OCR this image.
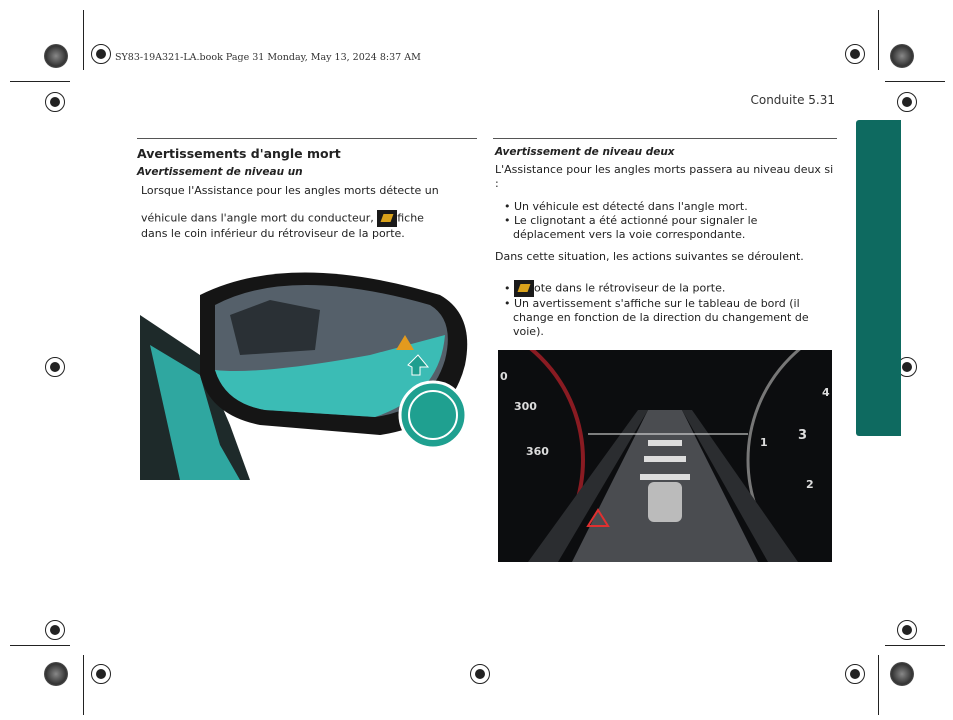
SY83-19A321-LA.book Page 31 Monday, May 13, 2024 8:37 AM
Conduite 5.31
Avertissements d'angle mort
Avertissement de niveau un
Lorsque l'Assistance pour les angles morts détecte un
véhicule dans l'angle mort du conducteur, fiche
dans le coin inférieur du rétroviseur de la porte.
Avertissement de niveau deux
L'Assistance pour les angles morts passera au niveau deux si :
• Un véhicule est détecté dans l'angle mort.
• Le clignotant a été actionné pour signaler le déplacement vers la voie correspondante.
Dans cette situation, les actions suivantes se déroulent.
• ote dans le rétroviseur de la porte.
• Un avertissement s'affiche sur le tableau de bord (il change en fonction de la direction du changement de voie).
0
300
360
4
3
2
1
